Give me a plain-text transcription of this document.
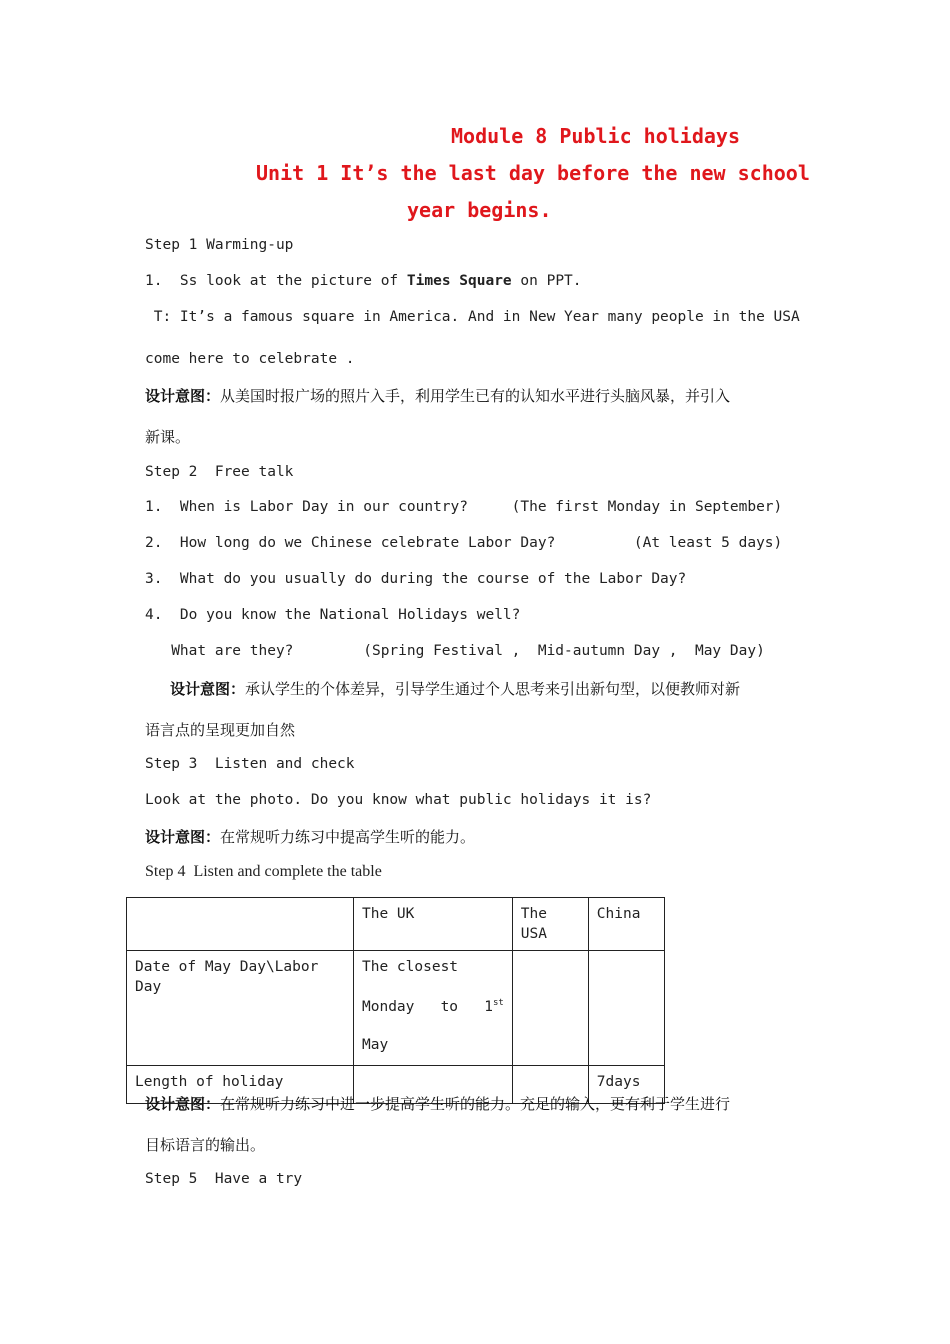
Module 8 Public holidays
Unit 1 It’s the last day before the new school
year begins.
Step 1 Warming-up
1.  Ss look at the picture of Times Square on PPT.
T: It’s a famous square in America. And in New Year many people in the USA
come here to celebrate .
设计意图：从美国时报广场的照片入手，利用学生已有的认知水平进行头脑风暴，并引入
新课。
Step 2  Free talk
1.  When is Labor Day in our country?     (The first Monday in September)
2.  How long do we Chinese celebrate Labor Day?         (At least 5 days)
3.  What do you usually do during the course of the Labor Day?
4.  Do you know the National Holidays well?
What are they?        (Spring Festival ,  Mid-autumn Day ,  May Day)
设计意图：承认学生的个体差异，引导学生通过个人思考来引出新句型，以便教师对新
语言点的呈现更加自然
Step 3  Listen and check
Look at the photo. Do you know what public holidays it is?
设计意图：在常规听力练习中提高学生听的能力。
Step 4  Listen and complete the table
	The UK	The USA	China
Date of May Day\Labor Day	The closest
Monday   to   1st
May		

Length of holiday			7days
设计意图：在常规听力练习中进一步提高学生听的能力。充足的输入，更有利于学生进行
目标语言的输出。
Step 5  Have a try
